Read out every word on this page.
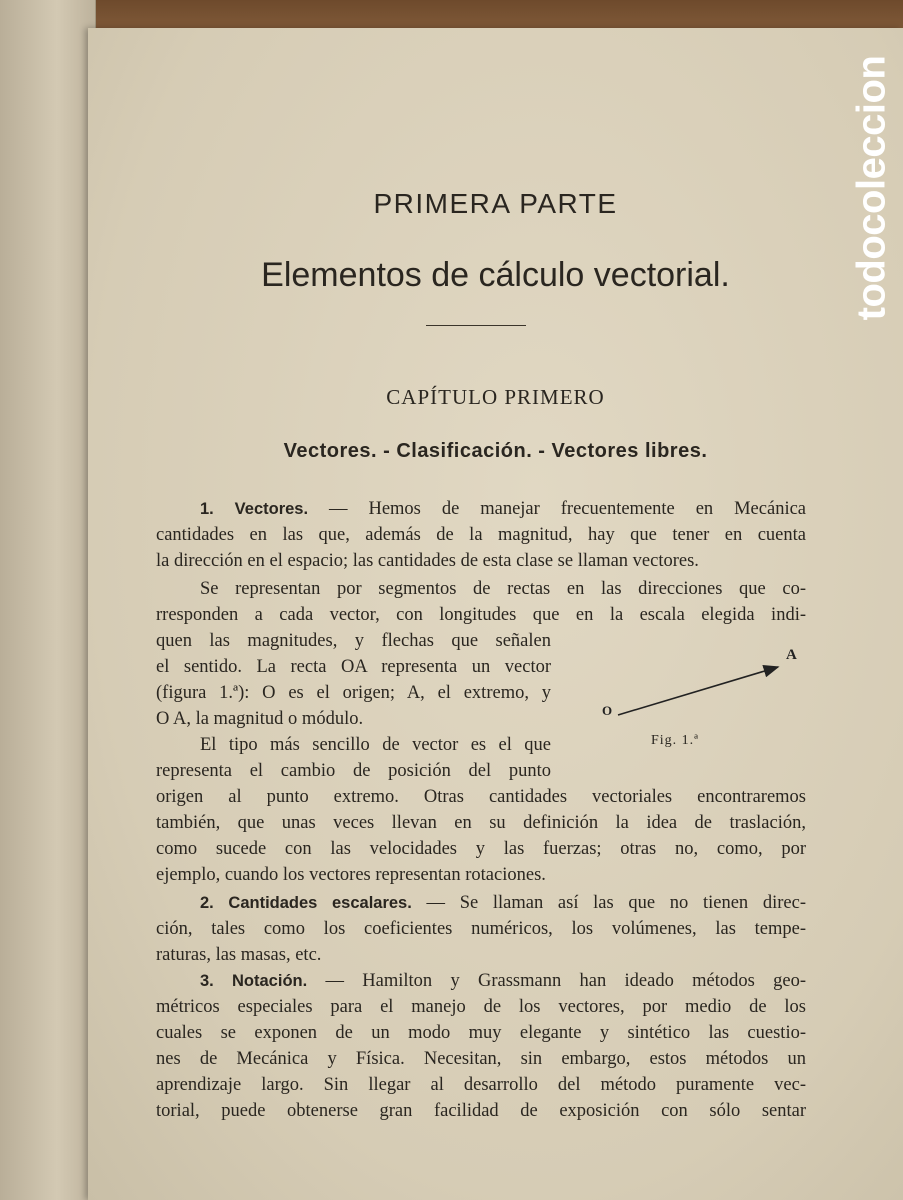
PRIMERA PARTE
Elementos de cálculo vectorial.
CAPÍTULO PRIMERO
Vectores. - Clasificación. - Vectores libres.
1. Vectores. — Hemos de manejar frecuentemente en Mecánica
cantidades en las que, además de la magnitud, hay que tener en cuenta
la dirección en el espacio; las cantidades de esta clase se llaman vectores.
Se representan por segmentos de rectas en las direcciones que co-
rresponden a cada vector, con longitudes que en la escala elegida indi-
quen las magnitudes, y flechas que señalen
el sentido. La recta OA representa un vector
(figura 1.ª): O es el origen; A, el extremo, y
O A, la magnitud o módulo.
El tipo más sencillo de vector es el que
representa el cambio de posición del punto
origen al punto extremo. Otras cantidades vectoriales encontraremos
también, que unas veces llevan en su definición la idea de traslación,
como sucede con las velocidades y las fuerzas; otras no, como, por
ejemplo, cuando los vectores representan rotaciones.
A
O
Fig. 1.ª
2. Cantidades escalares. — Se llaman así las que no tienen direc-
ción, tales como los coeficientes numéricos, los volúmenes, las tempe-
raturas, las masas, etc.
3. Notación. — Hamilton y Grassmann han ideado métodos geo-
métricos especiales para el manejo de los vectores, por medio de los
cuales se exponen de un modo muy elegante y sintético las cuestio-
nes de Mecánica y Física. Necesitan, sin embargo, estos métodos un
aprendizaje largo. Sin llegar al desarrollo del método puramente vec-
torial, puede obtenerse gran facilidad de exposición con sólo sentar
todocoleccion
